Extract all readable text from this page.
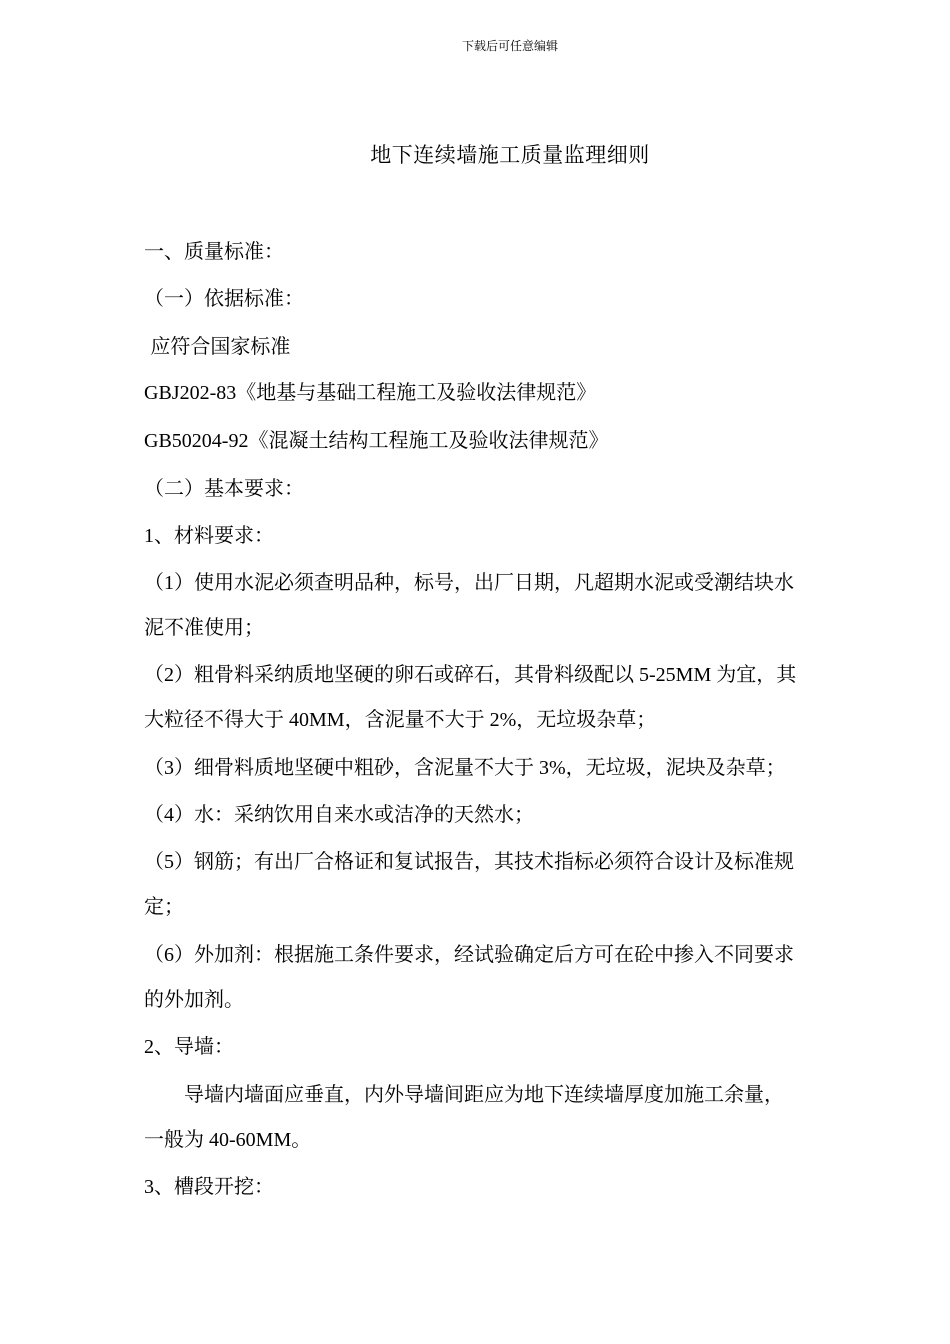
下载后可任意编辑
地下连续墙施工质量监理细则
一、质量标准：
（一）依据标准：
应符合国家标准
GBJ202-83《地基与基础工程施工及验收法律规范》
GB50204-92《混凝土结构工程施工及验收法律规范》
（二）基本要求：
1、材料要求：
（1）使用水泥必须查明品种，标号，出厂日期，凡超期水泥或受潮结块水
泥不准使用；
（2）粗骨料采纳质地坚硬的卵石或碎石，其骨料级配以 5-25MM 为宜，其
大粒径不得大于 40MM，含泥量不大于 2%，无垃圾杂草；
（3）细骨料质地坚硬中粗砂，含泥量不大于 3%，无垃圾，泥块及杂草；
（4）水：采纳饮用自来水或洁净的天然水；
（5）钢筋；有出厂合格证和复试报告，其技术指标必须符合设计及标准规
定；
（6）外加剂：根据施工条件要求，经试验确定后方可在砼中掺入不同要求
的外加剂。
2、导墙：
　　导墙内墙面应垂直，内外导墙间距应为地下连续墙厚度加施工余量，
一般为 40-60MM。
3、槽段开挖：
